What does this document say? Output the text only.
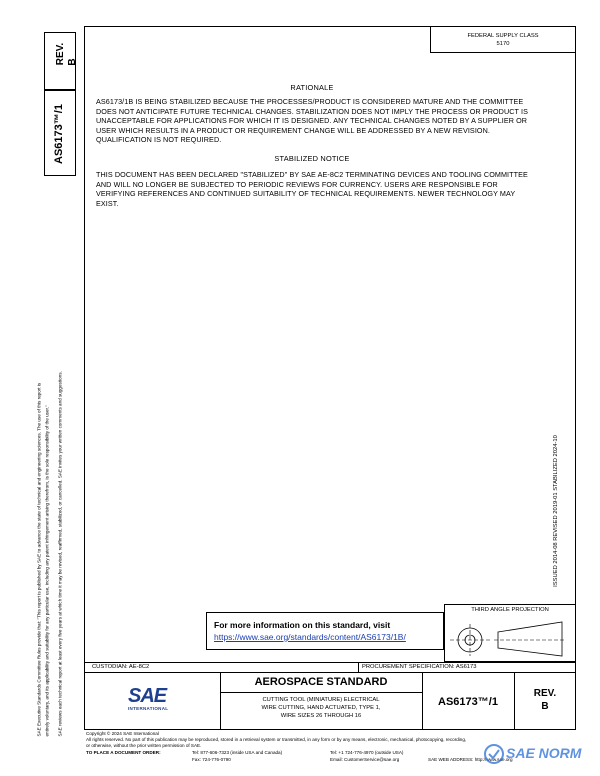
REV. B
AS6173™/1
SAE Executive Standards Committee Rules provide that: "This report is published by SAE to advance the state of technical and engineering sciences. The use of this report is entirely voluntary, and its applicability and suitability for any particular use, including any patent infringement arising therefrom, is the sole responsibility of the user."	SAE reviews each technical report at least every five years at which time it may be revised, reaffirmed, stabilized, or cancelled. SAE invites your written comments and suggestions.
FEDERAL SUPPLY CLASS
5170
RATIONALE
AS6173/1B IS BEING STABILIZED BECAUSE THE PROCESSES/PRODUCT IS CONSIDERED MATURE AND THE COMMITTEE DOES NOT ANTICIPATE FUTURE TECHNICAL CHANGES. STABILIZATION DOES NOT IMPLY THE PROCESS OR PRODUCT IS UNACCEPTABLE FOR APPLICATIONS FOR WHICH IT IS DESIGNED. ANY TECHNICAL CHANGES NOTED BY A SUPPLIER OR USER WHICH RESULTS IN A PRODUCT OR REQUIREMENT CHANGE WILL BE ADDRESSED BY A NEW REVISION. QUALIFICATION IS NOT REQUIRED.
STABILIZED NOTICE
THIS DOCUMENT HAS BEEN DECLARED "STABILIZED" BY SAE AE-8C2 TERMINATING DEVICES AND TOOLING COMMITTEE AND WILL NO LONGER BE SUBJECTED TO PERIODIC REVIEWS FOR CURRENCY. USERS ARE RESPONSIBLE FOR VERIFYING REFERENCES AND CONTINUED SUITABILITY OF TECHNICAL REQUIREMENTS. NEWER TECHNOLOGY MAY EXIST.
ISSUED 2014-08 REVISED 2019-01 STABILIZED 2024-10
For more information on this standard, visit
https://www.sae.org/standards/content/AS6173/1B/
THIRD ANGLE PROJECTION
CUSTODIAN: AE-8C2	PROCUREMENT SPECIFICATION: AS6173
SAE
INTERNATIONAL
AEROSPACE STANDARD
CUTTING TOOL (MINIATURE) ELECTRICAL
WIRE CUTTING, HAND ACTUATED, TYPE 1,
WIRE SIZES 26 THROUGH 16
AS6173™/1
REV.
B
Copyright © 2024 SAE International
All rights reserved. No part of this publication may be reproduced, stored in a retrieval system or transmitted, in any form or by any means, electronic, mechanical, photocopying, recording,
or otherwise, without the prior written permission of SAE.
TO PLACE A DOCUMENT ORDER:	Tel: 877-606-7323 (inside USA and Canada)	Tel: +1 724-776-4970 (outside USA)
Fax: 724-776-0790	Email: CustomerService@sae.org	SAE WEB ADDRESS: http://www.sae.org
SAE NORM
